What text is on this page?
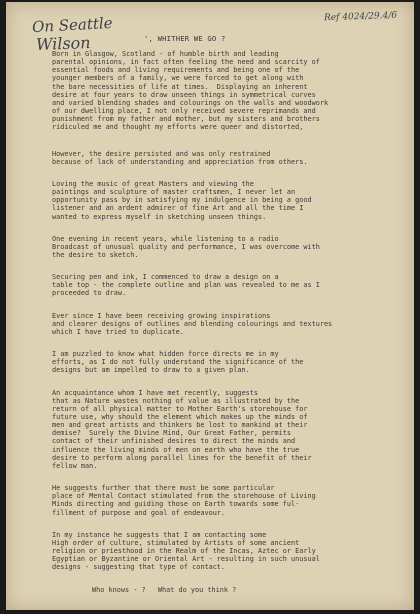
On Seattle
Wilson
Ref 4024/29.4/6
', WHITHER WE GO ?

Born in Glasgow, Scotland - of humble birth and leading
parental opinions, in fact often feeling the need and scarcity of
essential foods and living requirements and being one of the
younger members of a family, we were forced to get along with
the bare necessities of life at times.  Displaying an inherent
desire at four years to draw unseen things in symmetrical curves
and varied blending shades and colourings on the walls and woodwork
of our dwelling place, I not only received severe reprimands and
punishment from my father and mother, but my sisters and brothers
ridiculed me and thought my efforts were queer and distorted,

However, the desire persisted and was only restrained
because of lack of understanding and appreciation from others.

Loving the music of great Masters and viewing the
paintings and sculpture of master craftsmen, I never let an
opportunity pass by in satisfying my indulgence in being a good
listener and an ardent admirer of fine Art and all the time I
wanted to express myself in sketching unseen things.

One evening in recent years, while listening to a radio
Broadcast of unusual quality and performance, I was overcome with
the desire to sketch.

Securing pen and ink, I commenced to draw a design on a
table top - the complete outline and plan was revealed to me as I
proceeded to draw.

Ever since I have been receiving growing inspirations
and clearer designs of outlines and blending colourings and textures
which I have tried to duplicate.

I am puzzled to know what hidden force directs me in my
efforts, as I do not fully understand the significance of the
designs but am impelled to draw to a given plan.

An acquaintance whom I have met recently, suggests
that as Nature wastes nothing of value as illustrated by the
return of all physical matter to Mother Earth's storehouse for
future use, why should the element which makes up the minds of
men and great artists and thinkers be lost to mankind at their
demise?  Surely the Divine Mind, Our Great Father, permits
contact of their unfinished desires to direct the minds and
influence the living minds of men on earth who have the true
desire to perform along parallel lines for the benefit of their
fellow man.

He suggests further that there must be some particular
place of Mental Contact stimulated from the storehouse of Living
Minds directing and guiding those on Earth towards some ful-
fillment of purpose and goal of endeavour.

In my instance he suggests that I am contacting some
High order of culture, stimulated by Artists of some ancient
religion or priesthood in the Realm of the Incas, Aztec or Early
Egyptian or Byzantine or Oriental Art - resulting in such unusual
designs - suggesting that type of contact.

Who knows - ?   What do you think ?
